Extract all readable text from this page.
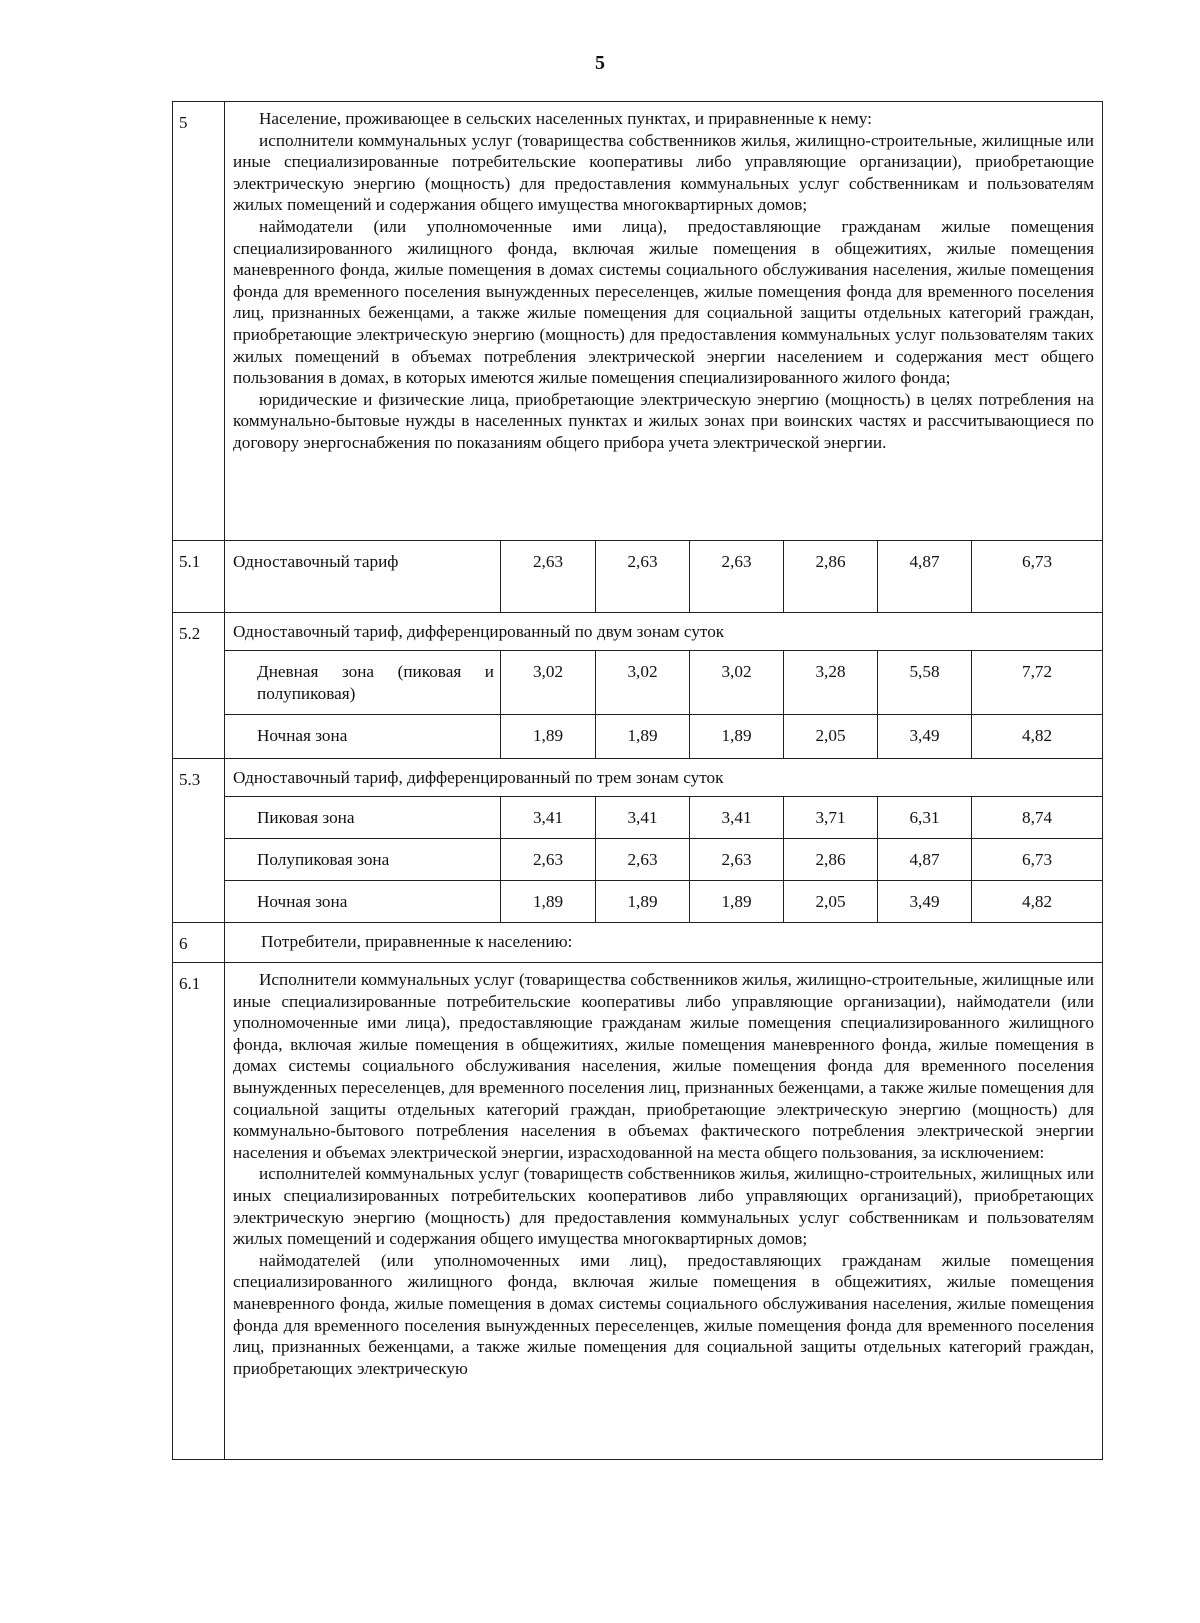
5
5	Население, проживающее в сельских населенных пунктах, и приравненные к нему:

исполнители коммунальных услуг (товарищества собственников жилья, жилищно-строительные, жилищные или иные специализированные потребительские кооперативы либо управляющие организации), приобретающие электрическую энергию (мощность) для предоставления коммунальных услуг собственникам и пользователям жилых помещений и содержания общего имущества многоквартирных домов;

наймодатели (или уполномоченные ими лица), предоставляющие гражданам жилые помещения специализированного жилищного фонда, включая жилые помещения в общежитиях, жилые помещения маневренного фонда, жилые помещения в домах системы социального обслуживания населения, жилые помещения фонда для временного поселения вынужденных переселенцев, жилые помещения фонда для временного поселения лиц, признанных беженцами, а также жилые помещения для социальной защиты отдельных категорий граждан, приобретающие электрическую энергию (мощность) для предоставления коммунальных услуг пользователям таких жилых помещений в объемах потребления электрической энергии населением и содержания мест общего пользования в домах, в которых имеются жилые помещения специализированного жилого фонда;

юридические и физические лица, приобретающие электрическую энергию (мощность) в целях потребления на коммунально-бытовые нужды в населенных пунктах и жилых зонах при воинских частях и рассчитывающиеся по договору энергоснабжения по показаниям общего прибора учета электрической энергии.						

5.1	Одноставочный тариф	2,63	2,63	2,63	2,86	4,87	6,73
5.2	Одноставочный тариф, дифференцированный по двум зонам суток						
	Дневная зона (пиковая и полупиковая)	3,02	3,02	3,02	3,28	5,58	7,72
	Ночная зона	1,89	1,89	1,89	2,05	3,49	4,82
5.3	Одноставочный тариф, дифференцированный по трем зонам суток						
	Пиковая зона	3,41	3,41	3,41	3,71	6,31	8,74
	Полупиковая зона	2,63	2,63	2,63	2,86	4,87	6,73
	Ночная зона	1,89	1,89	1,89	2,05	3,49	4,82
6	Потребители, приравненные к населению:						
6.1	Исполнители коммунальных услуг (товарищества собственников жилья, жилищно-строительные, жилищные или иные специализированные потребительские кооперативы либо управляющие организации), наймодатели (или уполномоченные ими лица), предоставляющие гражданам жилые помещения специализированного жилищного фонда, включая жилые помещения в общежитиях, жилые помещения маневренного фонда, жилые помещения в домах системы социального обслуживания населения, жилые помещения фонда для временного поселения вынужденных переселенцев, для временного поселения лиц, признанных беженцами, а также жилые помещения для социальной защиты отдельных категорий граждан, приобретающие электрическую энергию (мощность) для коммунально-бытового потребления населения в объемах фактического потребления электрической энергии населения и объемах электрической энергии, израсходованной на места общего пользования, за исключением:

исполнителей коммунальных услуг (товариществ собственников жилья, жилищно-строительных, жилищных или иных специализированных потребительских кооперативов либо управляющих организаций), приобретающих электрическую энергию (мощность) для предоставления коммунальных услуг собственникам и пользователям жилых помещений и содержания общего имущества многоквартирных домов;

наймодателей (или уполномоченных ими лиц), предоставляющих гражданам жилые помещения специализированного жилищного фонда, включая жилые помещения в общежитиях, жилые помещения маневренного фонда, жилые помещения в домах системы социального обслуживания населения, жилые помещения фонда для временного поселения вынужденных переселенцев, жилые помещения фонда для временного поселения лиц, признанных беженцами, а также жилые помещения для социальной защиты отдельных категорий граждан, приобретающих электрическую						
